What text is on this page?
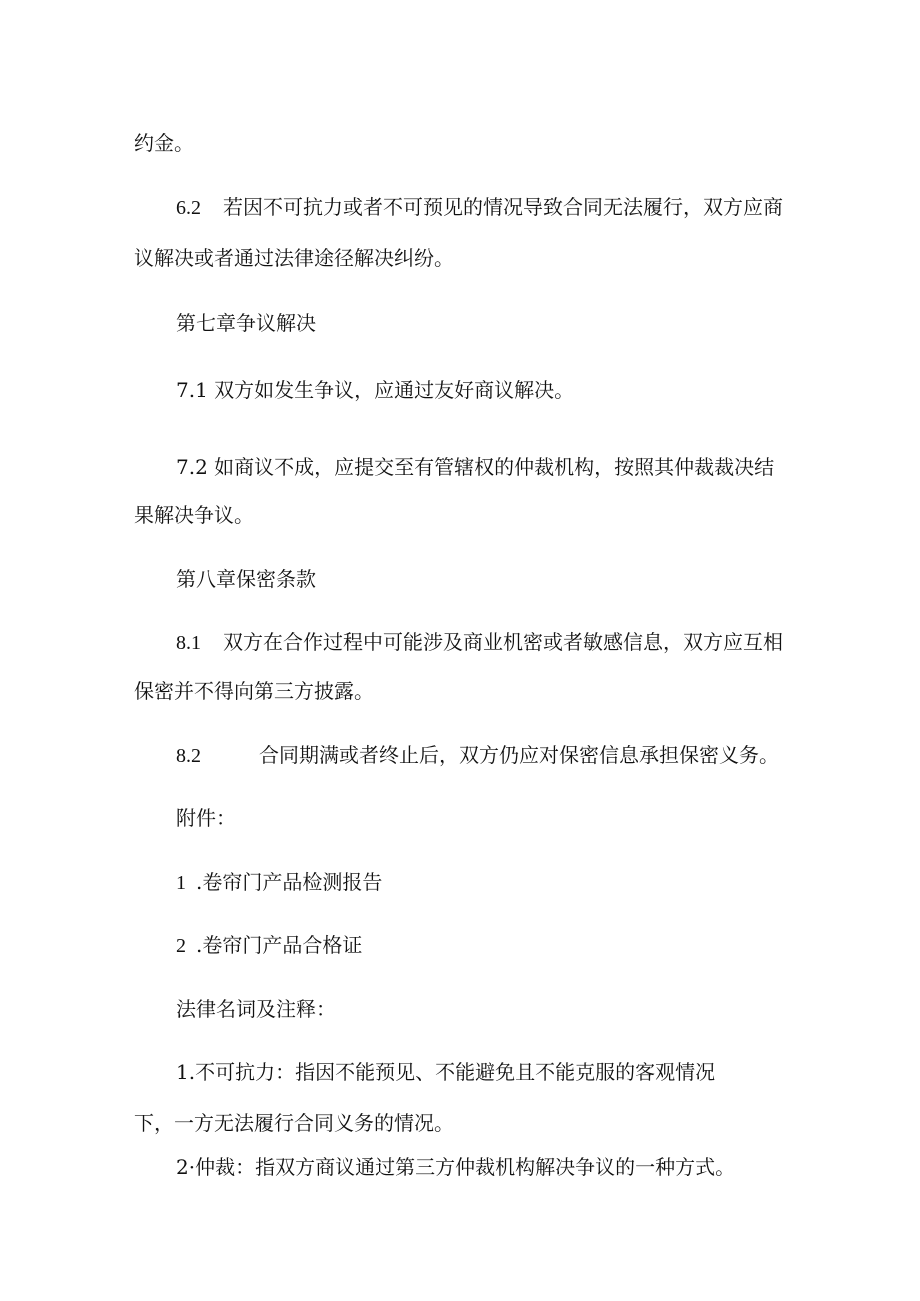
约金。
6.2 若因不可抗力或者不可预见的情况导致合同无法履行，双方应商
议解决或者通过法律途径解决纠纷。
第七章争议解决
7.1 双方如发生争议，应通过友好商议解决。
7.2 如商议不成，应提交至有管辖权的仲裁机构，按照其仲裁裁决结
果解决争议。
第八章保密条款
8.1 双方在合作过程中可能涉及商业机密或者敏感信息，双方应互相
保密并不得向第三方披露。
8.2	合同期满或者终止后，双方仍应对保密信息承担保密义务。
附件：
1 .卷帘门产品检测报告
2 .卷帘门产品合格证
法律名词及注释：
1.不可抗力：指因不能预见、不能避免且不能克服的客观情况
下，一方无法履行合同义务的情况。
2·仲裁：指双方商议通过第三方仲裁机构解决争议的一种方式。
